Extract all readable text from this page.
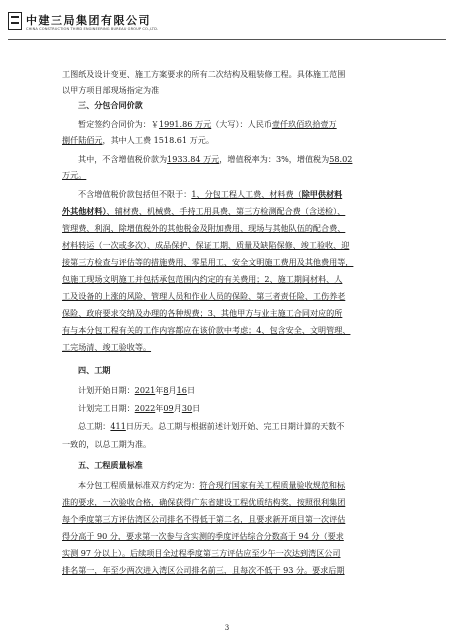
中建三局集团有限公司
CHINA CONSTRUCTION THIRD ENGINEERING BUREAU GROUP CO.,LTD.
工图纸及设计变更、施工方案要求的所有二次结构及粗装修工程。具体施工范围
以甲方项目部现场指定为准
三、分包合同价款
暂定签约合同价为：￥1991.86 万元（大写）：人民币壹仟玖佰玖拾壹万
捌仟陆佰元，其中人工费 1518.61 万元。
其中，不含增值税价款为1933.84 万元，增值税率为：3%，增值税为58.02
万元。
不含增值税价款包括但不限于：1、分包工程人工费、材料费（除甲供材料
外其他材料）、辅材费、机械费、手持工用具费、第三方检测配合费（含送检）、
管理费、利润、除增值税外的其他税金及附加费用、现场与其他队伍的配合费、
材料转运（一次或多次）、成品保护、保证工期、质量及缺陷保修、竣工验收、迎
接第三方检查与评估等的措施费用、零星用工、安全文明施工费用及其他费用等，
包施工现场文明施工并包括承包范围内约定的有关费用；2、施工期间材料、人
工及设备的上涨的风险、管理人员和作业人员的保险、第三者责任险、工伤养老
保险、政府要求交纳及办理的各种规费；3、其他甲方与业主施工合同对应的所
有与本分包工程有关的工作内容都应在该价款中考虑；4、包含安全、文明管理、
工完场清、竣工验收等。
四、工期
计划开始日期：2021年8月16日
计划完工日期：2022年09月30日
总工期：411日历天。总工期与根据前述计划开始、完工日期计算的天数不
一致的，以总工期为准。
五、工程质量标准
本分包工程质量标准双方约定为：符合现行国家有关工程质量验收规范和标
准的要求，一次验收合格，确保获得广东省建设工程优质结构奖，按照很利集团
每个季度第三方评估湾区公司排名不得低于第二名，且要求新开项目第一次评估
得分高于 90 分，要求第一次参与含实测的季度评估综合分数高于 94 分（要求
实测 97 分以上）。后续项目全过程季度第三方评估应至少午一次达到湾区公司
排名第一，年至少两次进入湾区公司排名前三，且每次不低于 93 分。要求后期
3
